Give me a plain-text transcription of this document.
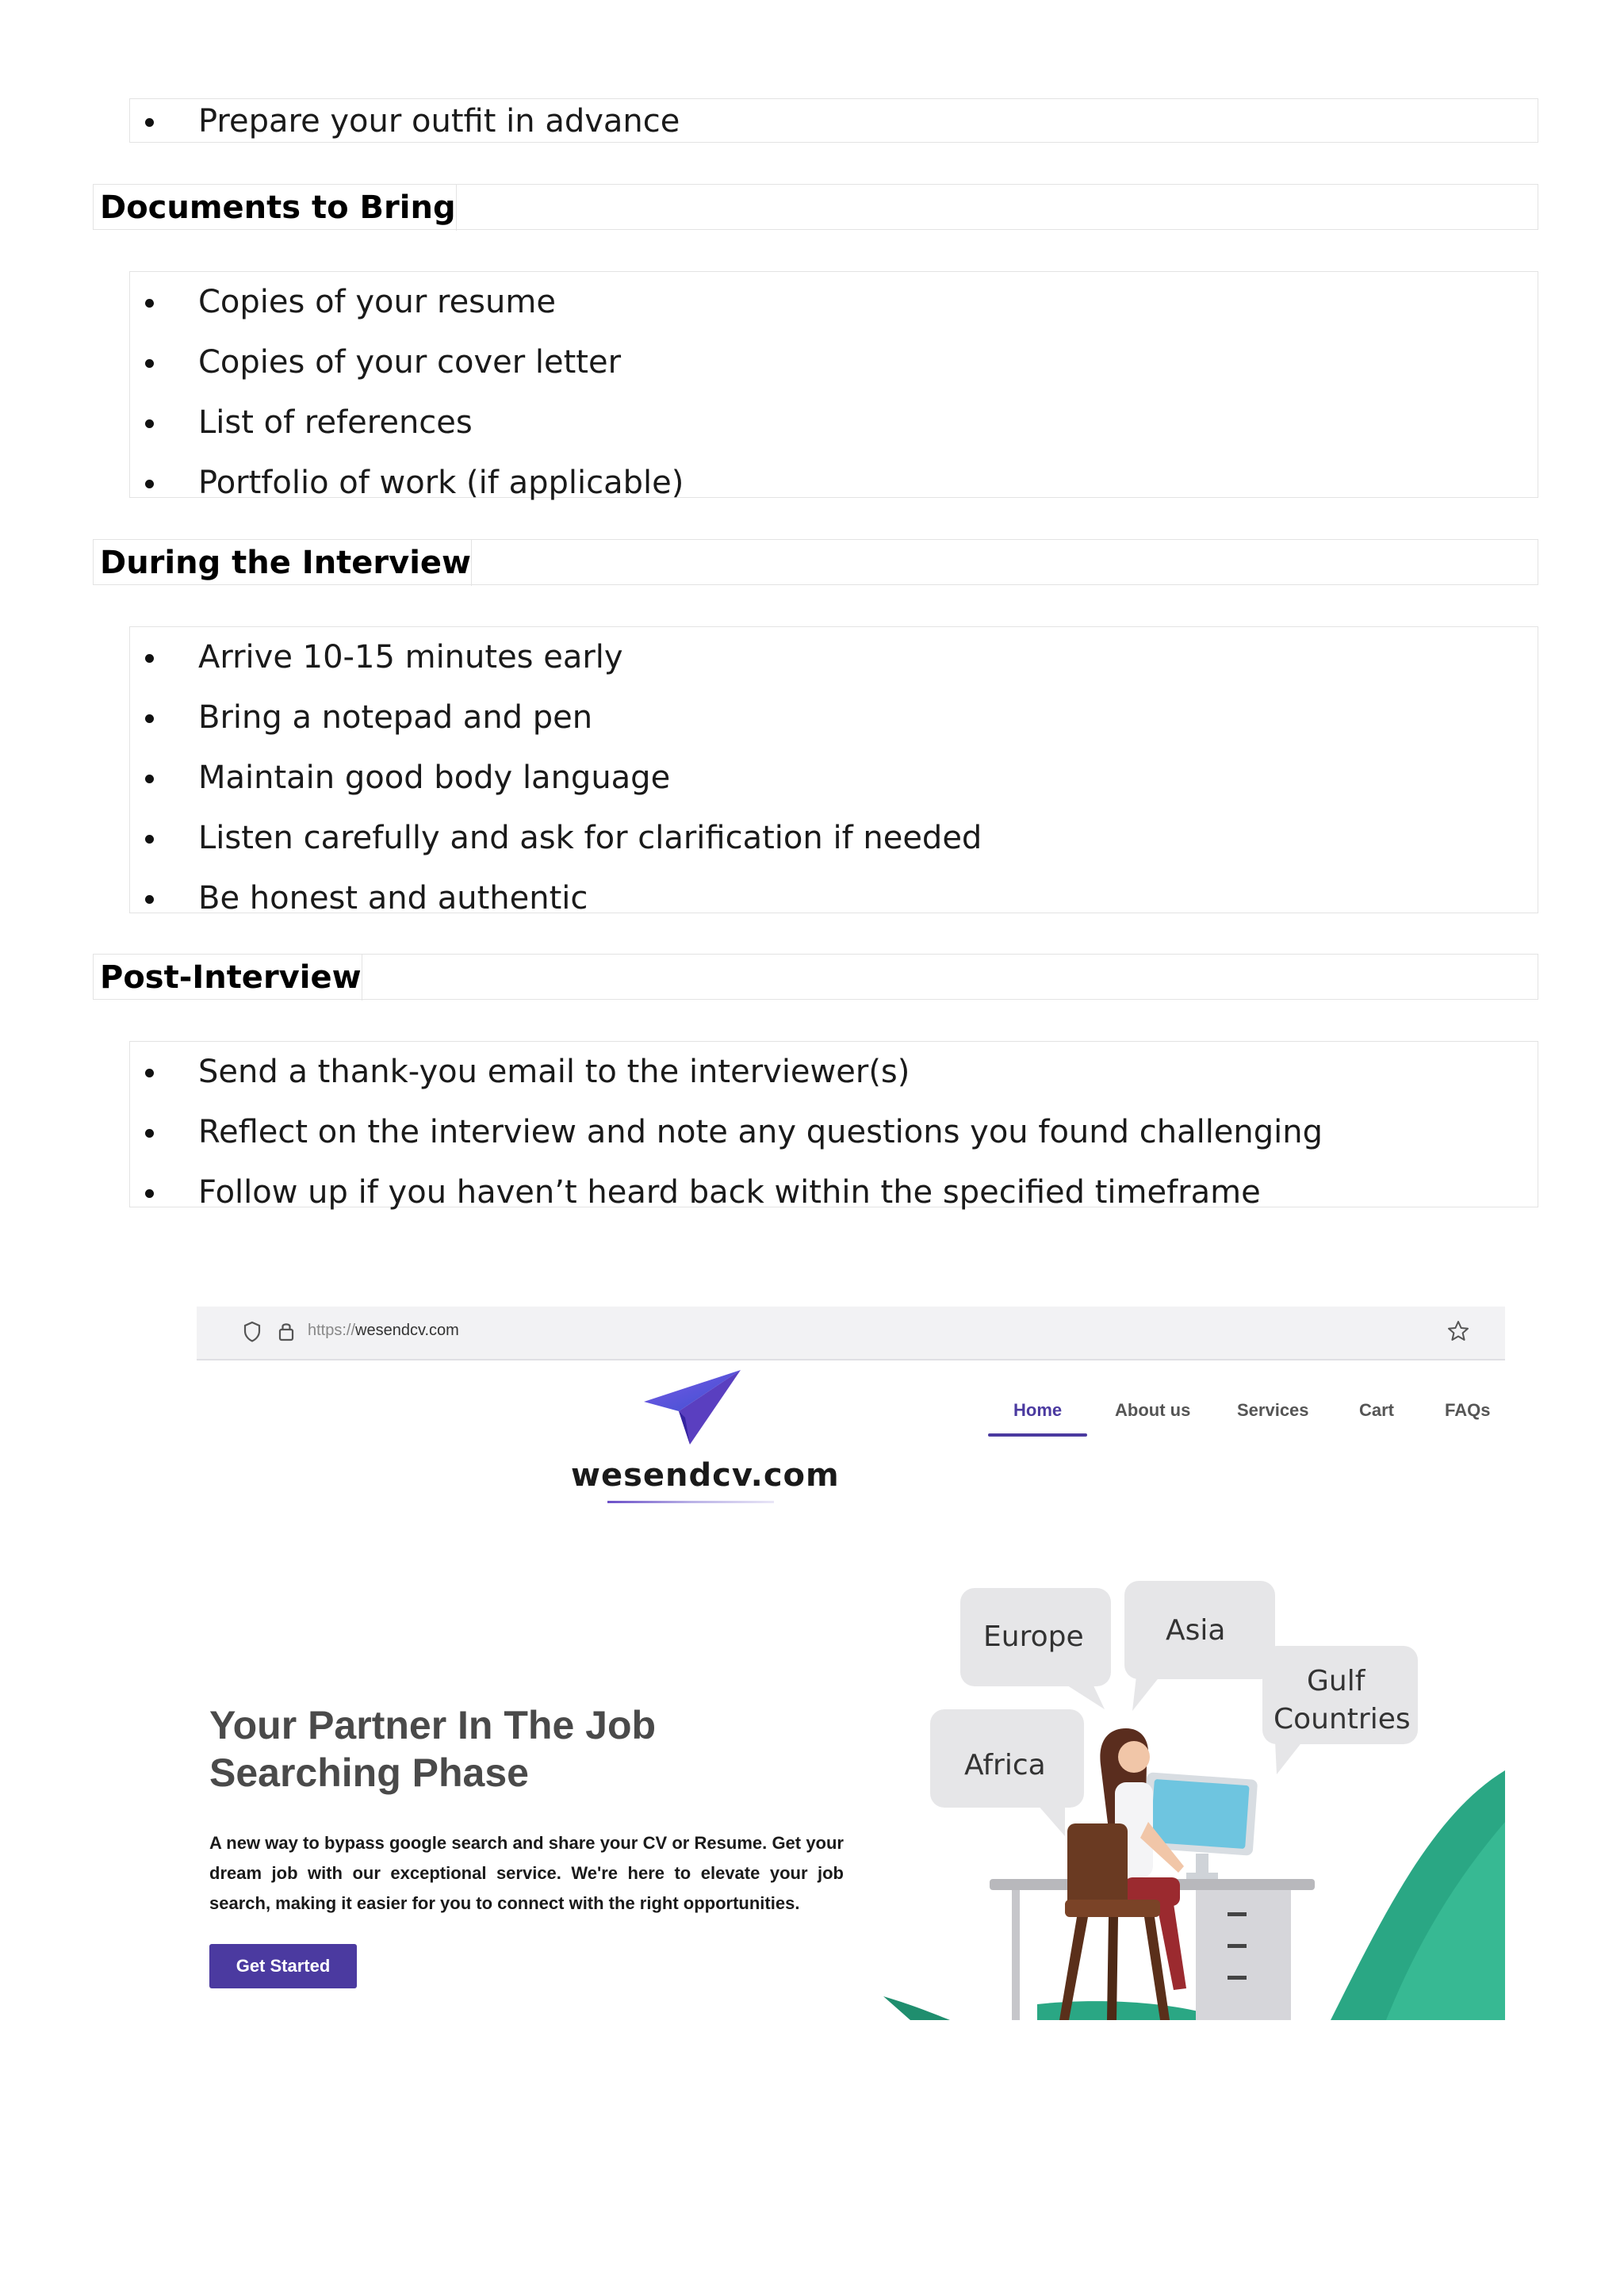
Prepare your outfit in advance
Documents to Bring
Copies of your resume
Copies of your cover letter
List of references
Portfolio of work (if applicable)
During the Interview
Arrive 10-15 minutes early
Bring a notepad and pen
Maintain good body language
Listen carefully and ask for clarification if needed
Be honest and authentic
Post-Interview
Send a thank-you email to the interviewer(s)
Reflect on the interview and note any questions you found challenging
Follow up if you haven’t heard back within the specified timeframe
https://wesendcv.com
wesendcv.com
Home	About us	Services	Cart	FAQs
Europe	Asia
Gulf
Countries
Africa
Your Partner In The Job Searching Phase
A new way to bypass google search and share your CV or Resume. Get your dream job with our exceptional service. We're here to elevate your job search, making it easier for you to connect with the right opportunities.
Get Started
